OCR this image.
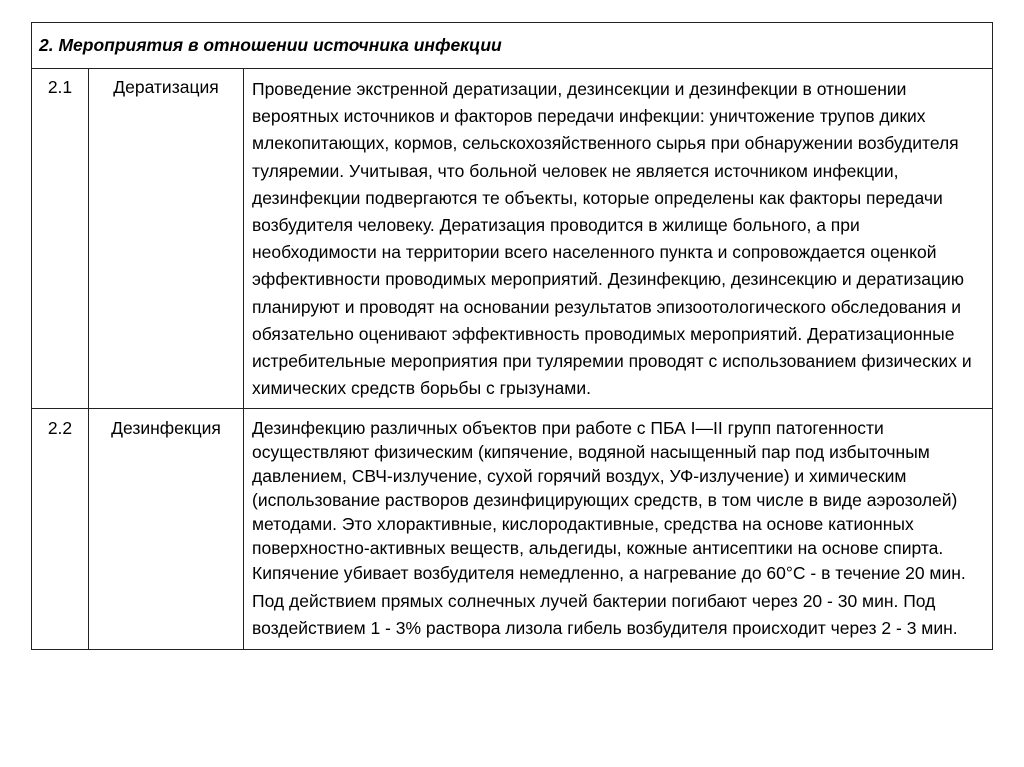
2. Мероприятия в отношении источника инфекции		
2.1	Дератизация	Проведение экстренной дератизации, дезинсекции и дезинфекции в отношении вероятных источников и факторов передачи инфекции: уничтожение трупов диких млекопитающих, кормов, сельскохозяйственного сырья при обнаружении возбудителя туляремии. Учитывая, что больной человек не является источником инфекции, дезинфекции подвергаются те объекты, которые определены как факторы передачи возбудителя человеку. Дератизация проводится в жилище больного, а при необходимости на территории всего населенного пункта и сопровождается оценкой эффективности проводимых мероприятий. Дезинфекцию, дезинсекцию и дератизацию планируют и проводят на основании результатов эпизоотологического обследования и обязательно оценивают эффективность проводимых мероприятий. Дератизационные истребительные мероприятия при туляремии проводят с использованием физических и химических средств борьбы с грызунами.

2.2	Дезинфекция	Дезинфекцию различных объектов при работе с ПБА I—II групп патогенности осуществляют физическим (кипячение, водяной насыщенный пар под избыточным давлением, СВЧ-излучение, сухой горячий воздух, УФ-излучение) и химическим (использование растворов дезинфицирующих средств, в том числе в виде аэрозолей) методами. Это хлорактивные, кислородактивные, средства на основе катионных поверхностно-активных веществ, альдегиды, кожные антисептики на основе спирта.

Кипячение убивает возбудителя немедленно, а нагревание до 60°С - в течение 20 мин. Под действием прямых солнечных лучей бактерии погибают через 20 - 30 мин. Под воздействием 1 - 3% раствора лизола гибель возбудителя происходит через 2 - 3 мин.
